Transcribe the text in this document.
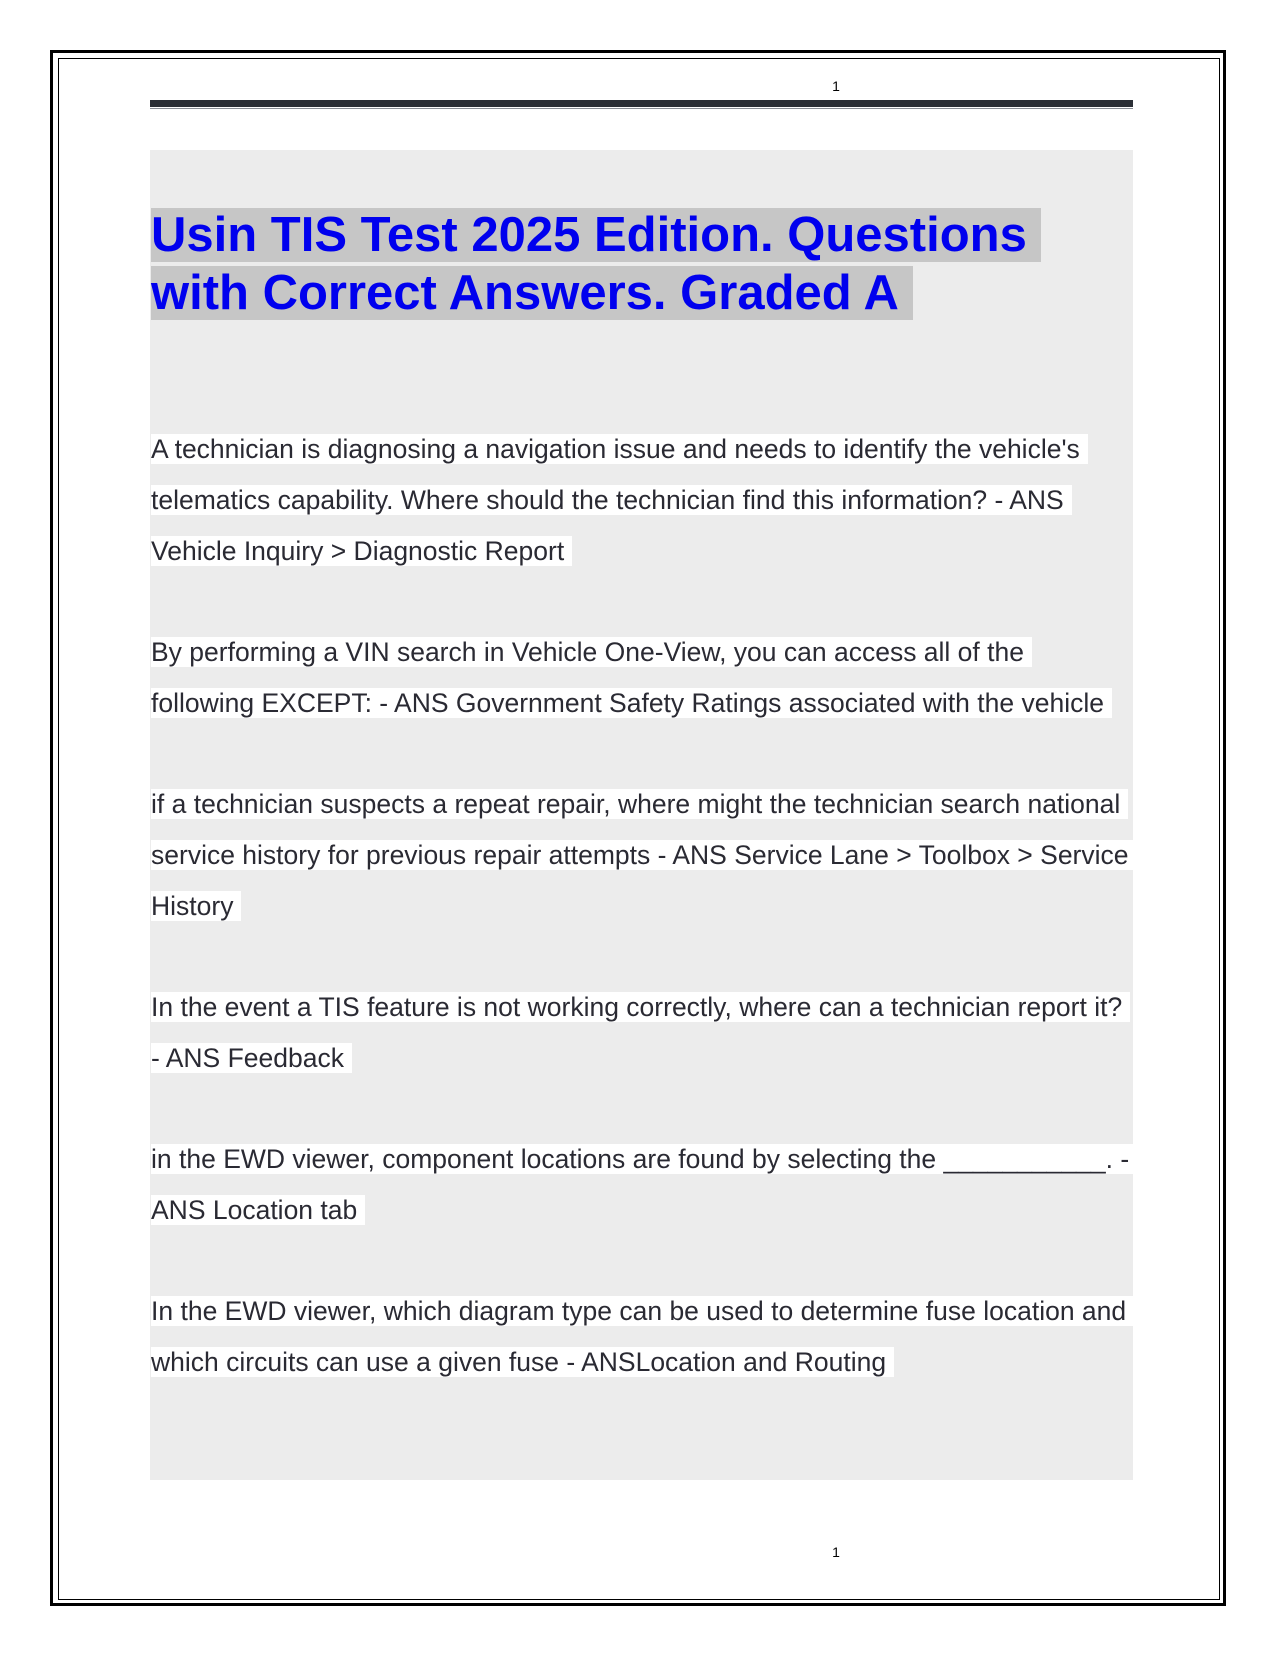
1
Usin TIS Test 2025 Edition. Questions
with Correct Answers. Graded A

A technician is diagnosing a navigation issue and needs to identify the vehicle's telematics capability. Where should the technician find this information? - ANS Vehicle Inquiry > Diagnostic Report

By performing a VIN search in Vehicle One-View, you can access all of the following EXCEPT: - ANS Government Safety Ratings associated with the vehicle

if a technician suspects a repeat repair, where might the technician search national service history for previous repair attempts - ANS Service Lane > Toolbox > Service History

In the event a TIS feature is not working correctly, where can a technician report it? - ANS Feedback

in the EWD viewer, component locations are found by selecting the ___________. - ANS Location tab

In the EWD viewer, which diagram type can be used to determine fuse location and which circuits can use a given fuse - ANSLocation and Routing

1
